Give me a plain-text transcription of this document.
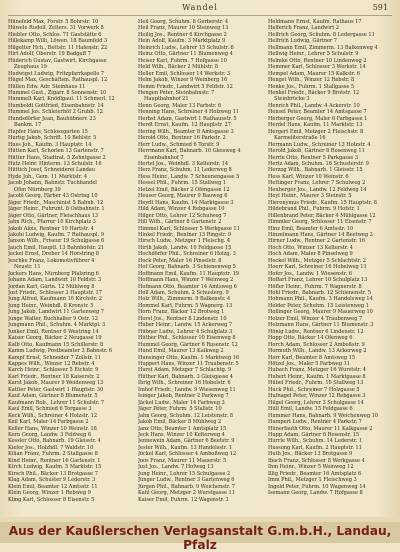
Wandel	591
Hünefeld Max, Forstr. 5 Bohrstr. 10
Hüwele Rudolf, Zelters. 31 Vorwerk 8
Hiebler Otto, Schlos. 71 Gaststätte 6
Hillekamp Willi, Löwen. 18 Baumfeld 3
Hilgetter Hch., Bettstr. 11 Hafenstr. 22
Hirt Adolf, Oberstr. 19 Badgaff 7
Hüderich Gustav, Gastwirt, Kirchgasse
Zeughaus 19
Hudwigst Ludwig, Fritzpfarrkapelle 7
Hügel Max, Geschäftsm. Rathauspl. 12
Hüllen Edw. Adr. Steinhaus 11
Hummel Gust., Zigarr. 8 Sonnenstr. 10
Hummelt Karl, Knödlgaul. 11 Schmerl. 12
Humboldt Gottfried, Eisenbahnstr. 14
Hummel Jos. Schleierhöf 2 Grubb. 12
Hundsdörfer Jean, Bauhübnerr. 23
Bankm. 17
Hupfer Hans, Schlossgarten 15
Hurtig Jakob, Schrift. 10 Behlstr. 5
Huss Joh., Kaufm. 3 Hauptstr. 14
Hütten Karl, Schorlen 13 Gartenstr. 7
Hütter Hans, Stadtrat. 5 Zehntgasse 2
Hutz Heinr. Hinterm. 13 Schulstr. 16
Hüttich Josef, Schneiderei Landau
Hyde Joh., Gem. 11 Marktstr. 4
Jacob Johann, Bahnstr. Tuchhandel
Ofen Nürnberg 39
Jacobi Georg, Färber 43 Ostring 10
Jäger Friedr., Maschinist 5 Bahnh. 12
Jäger Heinr., Fuhrunt. 8 Ostbahnstr. 1
Jäger Otto, Gärtner, Fleischhaus 13
Jahn Rich., Pfarrer 10 Kirchplatz 3
Jakob Alois, Rentner 19 Hartstr. 4
Jakobi Ludwig, Kaufm. 7 Rathauspl. 9
Janson Wilh., Friseur 19 Schulgasse 6
Jauch Emil, Hauptl. 13 Bahnhofstr. 21
Jeckel Ernst, Dreher 14 Horstring 8
Jeschke Franz, Lokomotivführer 4
Neustr. 11
Jockers Hans, Nürnberg Pfalzring 6
Johann Adam, Landwirt 10 Feldstr. 3
Jordan Karl, Gärtn. 12 Mühlweg 8
Jost Friedr., Schlosser 3 Hauptstr. 17
Jung Alfred, Kaufmann 16 Kirchstr. 2
Jung Heinr., Weinhdl. 8 Kronstr. 5
Jung Jakob, Landwirt 11 Gartenweg 7
Junge Walter, Buchhalter 9 Ostr. 12
Jungmann Phil., Schuhm. 4 Marktpl. 3
Junker Emil, Rentner 6 Westring 14
Kaiser Georg, Bäcker 2 Neugasse 19
Kalb Otto, Kaufmann 15 Schillerstr. 8
Kamm Ludwig, Postbeamter 3 Bahnstr. 6
Kampf Ernst, Schneider 7 Zollstr. 11
Kappes Wilh., Winzer 12 Rebstr. 4
Karch Heinr., Schlosser 5 Eichstr. 9
Karl Friedr., Rentner 18 Kaiserstr. 2
Karst Jakob, Maurer 9 Weidenweg 13
Kattler Peter, Gastwirt 1 Hauptstr. 30
Kauf Adam, Gärtner 8 Blumenstr. 5
Kaufmann Rob., Lehrer 11 Schulstr. 7
Kaul Emil, Schmied 6 Torgasse 3
Keck Wilh., Schreiner 4 Holzstr. 12
Keil Karl, Maler 14 Farbgasse 2
Keller Hans, Winzer 10 Weinstr. 18
Kern Georg, Landw. 3 Feldweg 6
Kessler Otto, Bahnarb. 19 Gleisstr. 4
Kiefer Jos., Holzhdl. 7 Waldstr. 10
Kilian Franz, Fuhrm. 2 Stallgasse 8
Kind Heinr., Rentner 16 Gartenstr. 1
Kirch Ludwig, Kaufm. 5 Marktstr. 15
Kirsch Phil., Bäcker 13 Brotgasse 7
Klag Adam, Schuster 9 Lederstr. 3
Klein Emil, Beamter 12 Amtsstr. 11
Klein Georg, Winzer 1 Rebweg 9
Kling Karl, Schlosser 8 Eisenstr. 5
Heil Georg, Schuhm. 8 Gerberstr. 4
Heil Franz, Maurer 10 Steinweg 13
Heilig Jos., Rentner 6 Kirchgasse 2
Hein Adolf, Kaufm. 3 Marktplatz 9
Heinrich Ludw., Lehrer 15 Schulstr. 6
Heinz Otto, Gärtner 11 Blumenweg 4
Heiser Karl, Fuhrm. 7 Hofgasse 10
Held Wilh., Bäcker 2 Mühlstr. 8
Heller Emil, Schlosser 14 Werkstr. 3
Helm Jakob, Winzer 9 Weinberg 16
Hemm Friedr., Landwirt 5 Feldstr. 12
Hengen Peter, Steinbahnstr. 7
Hauptbahnhof 21
Henn Georg, Maler 13 Farbstr. 6
Henning Hans, Schreiner 4 Holzweg 11
Herbst Adam, Gastwirt 1 Rathausstr. 5
Herdt Ernst, Kaufm. 12 Hauptstr. 27
Hering Wilh., Beamter 8 Amtsgasse 3
Herold Otto, Rentner 16 Parkstr. 2
Herr Ludw., Schmied 6 Torstr. 9
Herrmann Karl, Bahnarb. 10 Gleisweg 4
Eisenbahnhof 7
Hertel Jos., Weinhdl. 3 Kelterstr. 14
Herz Franz, Schuhm. 11 Lederweg 8
Hess Heinr., Landw. 7 Scheunengasse 5
Hessel Phil., Fuhrm. 15 Stallweg 1
Hetzel Emil, Bäcker 2 Ofengasse 12
Heuser Georg, Maurer 9 Bauweg 6
Heydt Hans, Kaufm. 14 Marktgasse 3
Hild Adam, Winzer 4 Rebgasse 10
Hilger Otto, Lehrer 12 Schulweg 7
Hill Wilh., Gärtner 8 Gartenstr. 2
Himmel Karl, Schlosser 5 Werkgasse 11
Hinkel Friedr., Rentner 13 Ringstr. 9
Hirsch Ludw., Metzger 1 Fleischg. 4
Hirth Jakob, Landw. 10 Feldgasse 15
Hochdörfer Phil., Schreiner 6 Holzg. 3
Hock Peter, Maler 16 Pinselstr. 8
Hof Georg, Bahnarb. 3 Schienenweg 5
Hoffmann Emil, Kaufm. 11 Hauptstr. 19
Hoffmann Hans, Winzer 7 Weinweg 2
Hofmann Otto, Beamter 14 Amtsweg 6
Holl Adam, Schuhm. 2 Schusterg. 9
Holz Wilh., Zimmerm. 9 Balkenstr. 4
Hommel Karl, Fuhrm. 5 Wagnerg. 13
Horn Franz, Bäcker 12 Brotweg 1
Horst Jos., Rentner 8 Lindenstr. 10
Huber Heinr., Landw. 15 Ackerweg 7
Hübner Ludw., Lehrer 4 Schulplatz 3
Hüther Phil., Schlosser 10 Eisenweg 8
Hummel Georg, Gärtner 6 Rosenstr. 12
Hund Emil, Maurer 13 Kalkweg 2
Hunsinger Otto, Kaufm. 1 Marktweg 16
Huppert Hans, Winzer 11 Traubenstr. 5
Hurst Adam, Metzger 7 Schlachtg. 9
Hüther Karl, Bahnarb. 3 Gleisgasse 4
Ihrig Wilh., Schreiner 16 Hobelstr. 6
Imhof Friedr., Landw. 9 Wiesenweg 11
Isinger Jakob, Rentner 2 Parkweg 7
Jäckel Ludw., Maler 14 Farbweg 3
Jäger Peter, Fuhrm. 5 Stallstr. 10
Jahn Georg, Schuhm. 12 Leistenstr. 8
Jakob Emil, Bäcker 8 Mühlweg 2
Janz Otto, Beamter 1 Amtsplatz 15
Jeck Hans, Winzer 10 Kelterweg 4
Jennewein Adam, Gärtner 6 Beetstr. 9
Jester Wilh., Kaufm. 13 Handelsstr. 1
Jöckel Karl, Schlosser 4 Amboßweg 12
Joos Franz, Maurer 11 Mauerstr. 5
Jost Jos., Landw. 7 Hofweg 13
Jung Heinr., Lehrer 15 Schulgasse 2
Jünger Ludw., Rentner 3 Gartenweg 6
Jürgen Phil., Bahnarb. 9 Weichenstr. 7
Kahl Georg, Metzger 2 Wurstgasse 11
Kaiser Emil, Fuhrm. 12 Wagenstr. 3
Heldmann Ernst, Kaufm. Rathaus 17
Helferich Franz, Landwirt 2
Helfrich Georg, Schuhm. 8 Ledergasse 11
Helfrich Ludwig, Gärtner 7
Hellmann Emil, Zimmerm. 13 Balkenweg 4
Hellwig Heinr., Lehrer 5 Schulstr. 9
Helmke Otto, Rentner 10 Lindenweg 2
Hemmer Karl, Schlosser 3 Werkstr. 14
Hempel Adam, Maurer 15 Kalkstr. 6
Hengst Wilh., Winzer 12 Rebstr. 8
Henke Jos., Fuhrm. 1 Stallgasse 5
Henkel Friedr., Bäcker 9 Brotstr. 12
Steinbrücke 3
Henrich Phil., Landw. 4 Ackerstr. 10
Hensel Peter, Beamter 14 Amtsgasse 7
Herberger Georg, Maler 6 Farbgasse 1
Herdel Hans, Kaufm. 11 Marktstr. 13
Hergert Emil, Metzger 2 Fleischstr. 8
Karmeliterstraße 16
Hermann Ludw., Schreiner 13 Holzstr. 4
Herold Jakob, Gärtner 8 Rosenweg 11
Herrle Otto, Rentner 5 Parkgasse 3
Hertz Adam, Schuhm. 16 Schusterstr. 9
Herzog Wilh., Bahnarb. 1 Gleisstr. 15
Hess Karl, Winzer 10 Weinstr. 6
Hettinger Franz, Lehrer 7 Schulweg 2
Heuberger Jos., Landw. 12 Feldweg 14
Heyl Heinr., Maurer 3 Steinstr. 5
Hieronymus Friedr., Kaufm. 15 Hauptstr. 8
Hildebrand Phil., Fuhrm. 9 Hofstr. 1
Hillenbrand Peter, Bäcker 4 Mühlgasse 12
Himmler Georg, Schlosser 11 Eisenstr. 7
Hinz Emil, Beamter 6 Amtsstr. 10
Hinzelmann Hans, Gärtner 14 Beetweg 3
Hirner Ludw., Rentner 2 Gartenstr. 16
Hoch Otto, Winzer 13 Kelterstr. 4
Hoch Adam, Maler 8 Pinselweg 9
Hockel Wilh., Metzger 5 Schlachtstr. 2
Hoerr Karl, Schreiner 16 Hobelweg 11
Hofer Jos., Landw. 1 Wiesenstr. 6
Hoffart Franz, Lehrer 10 Schulplatz 13
Höfler Heinr., Fuhrm. 7 Wagnerstr. 8
Hohl Friedr., Bahnarb. 12 Schienenstr. 5
Hohmann Phil., Kaufm. 3 Handelsweg 14
Holder Peter, Schuhm. 15 Leistenweg 1
Hollinger Georg, Maurer 9 Mauerweg 10
Holzer Emil, Winzer 4 Traubenweg 7
Holzmann Hans, Gärtner 11 Blumenstr. 3
Hönig Ludw., Rentner 6 Lindenstr. 12
Hopp Otto, Bäcker 14 Ofenweg 6
Horch Adam, Schlosser 2 Amboßstr. 9
Hormuth Wilh., Landw. 13 Ackerweg 2
Horr Karl, Beamter 8 Amtsweg 15
Hötzel Jos., Maler 5 Farbweg 11
Hubach Franz, Metzger 16 Wurststr. 4
Hubert Heinr., Kaufm. 1 Marktgasse 8
Hübel Friedr., Fuhrm. 10 Stallweg 13
Huck Phil., Schreiner 7 Holzgasse 5
Hufnagel Peter, Winzer 12 Rebgasse 3
Hügel Georg, Lehrer 3 Schulgasse 14
Hüll Emil, Landw. 15 Feldgasse 6
Hummer Hans, Bahnarb. 9 Weichenweg 10
Humpert Ludw., Rentner 4 Parkstr. 7
Hünerfauth Otto, Maurer 11 Kalkgasse 2
Hupp Adam, Gärtner 6 Rosenstr. 15
Hurrle Wilh., Schuhm. 14 Lederstr. 1
Hussong Karl, Kaufm. 2 Hauptstr. 11
Huth Jos., Bäcker 13 Brotgasse 9
Ibach Franz, Schlosser 8 Werkgasse 4
Ihm Heinr., Winzer 5 Weinweg 12
Illig Friedr., Beamter 16 Amtsplatz 6
Imm Phil., Metzger 1 Fleischweg 3
Ingold Peter, Fuhrm. 10 Wagenweg 14
Isemann Georg, Landw. 7 Hofgasse 8
Aus der Kaußlerschen Verlagsanstalt G.m.b.H., Landau, Pfalz
